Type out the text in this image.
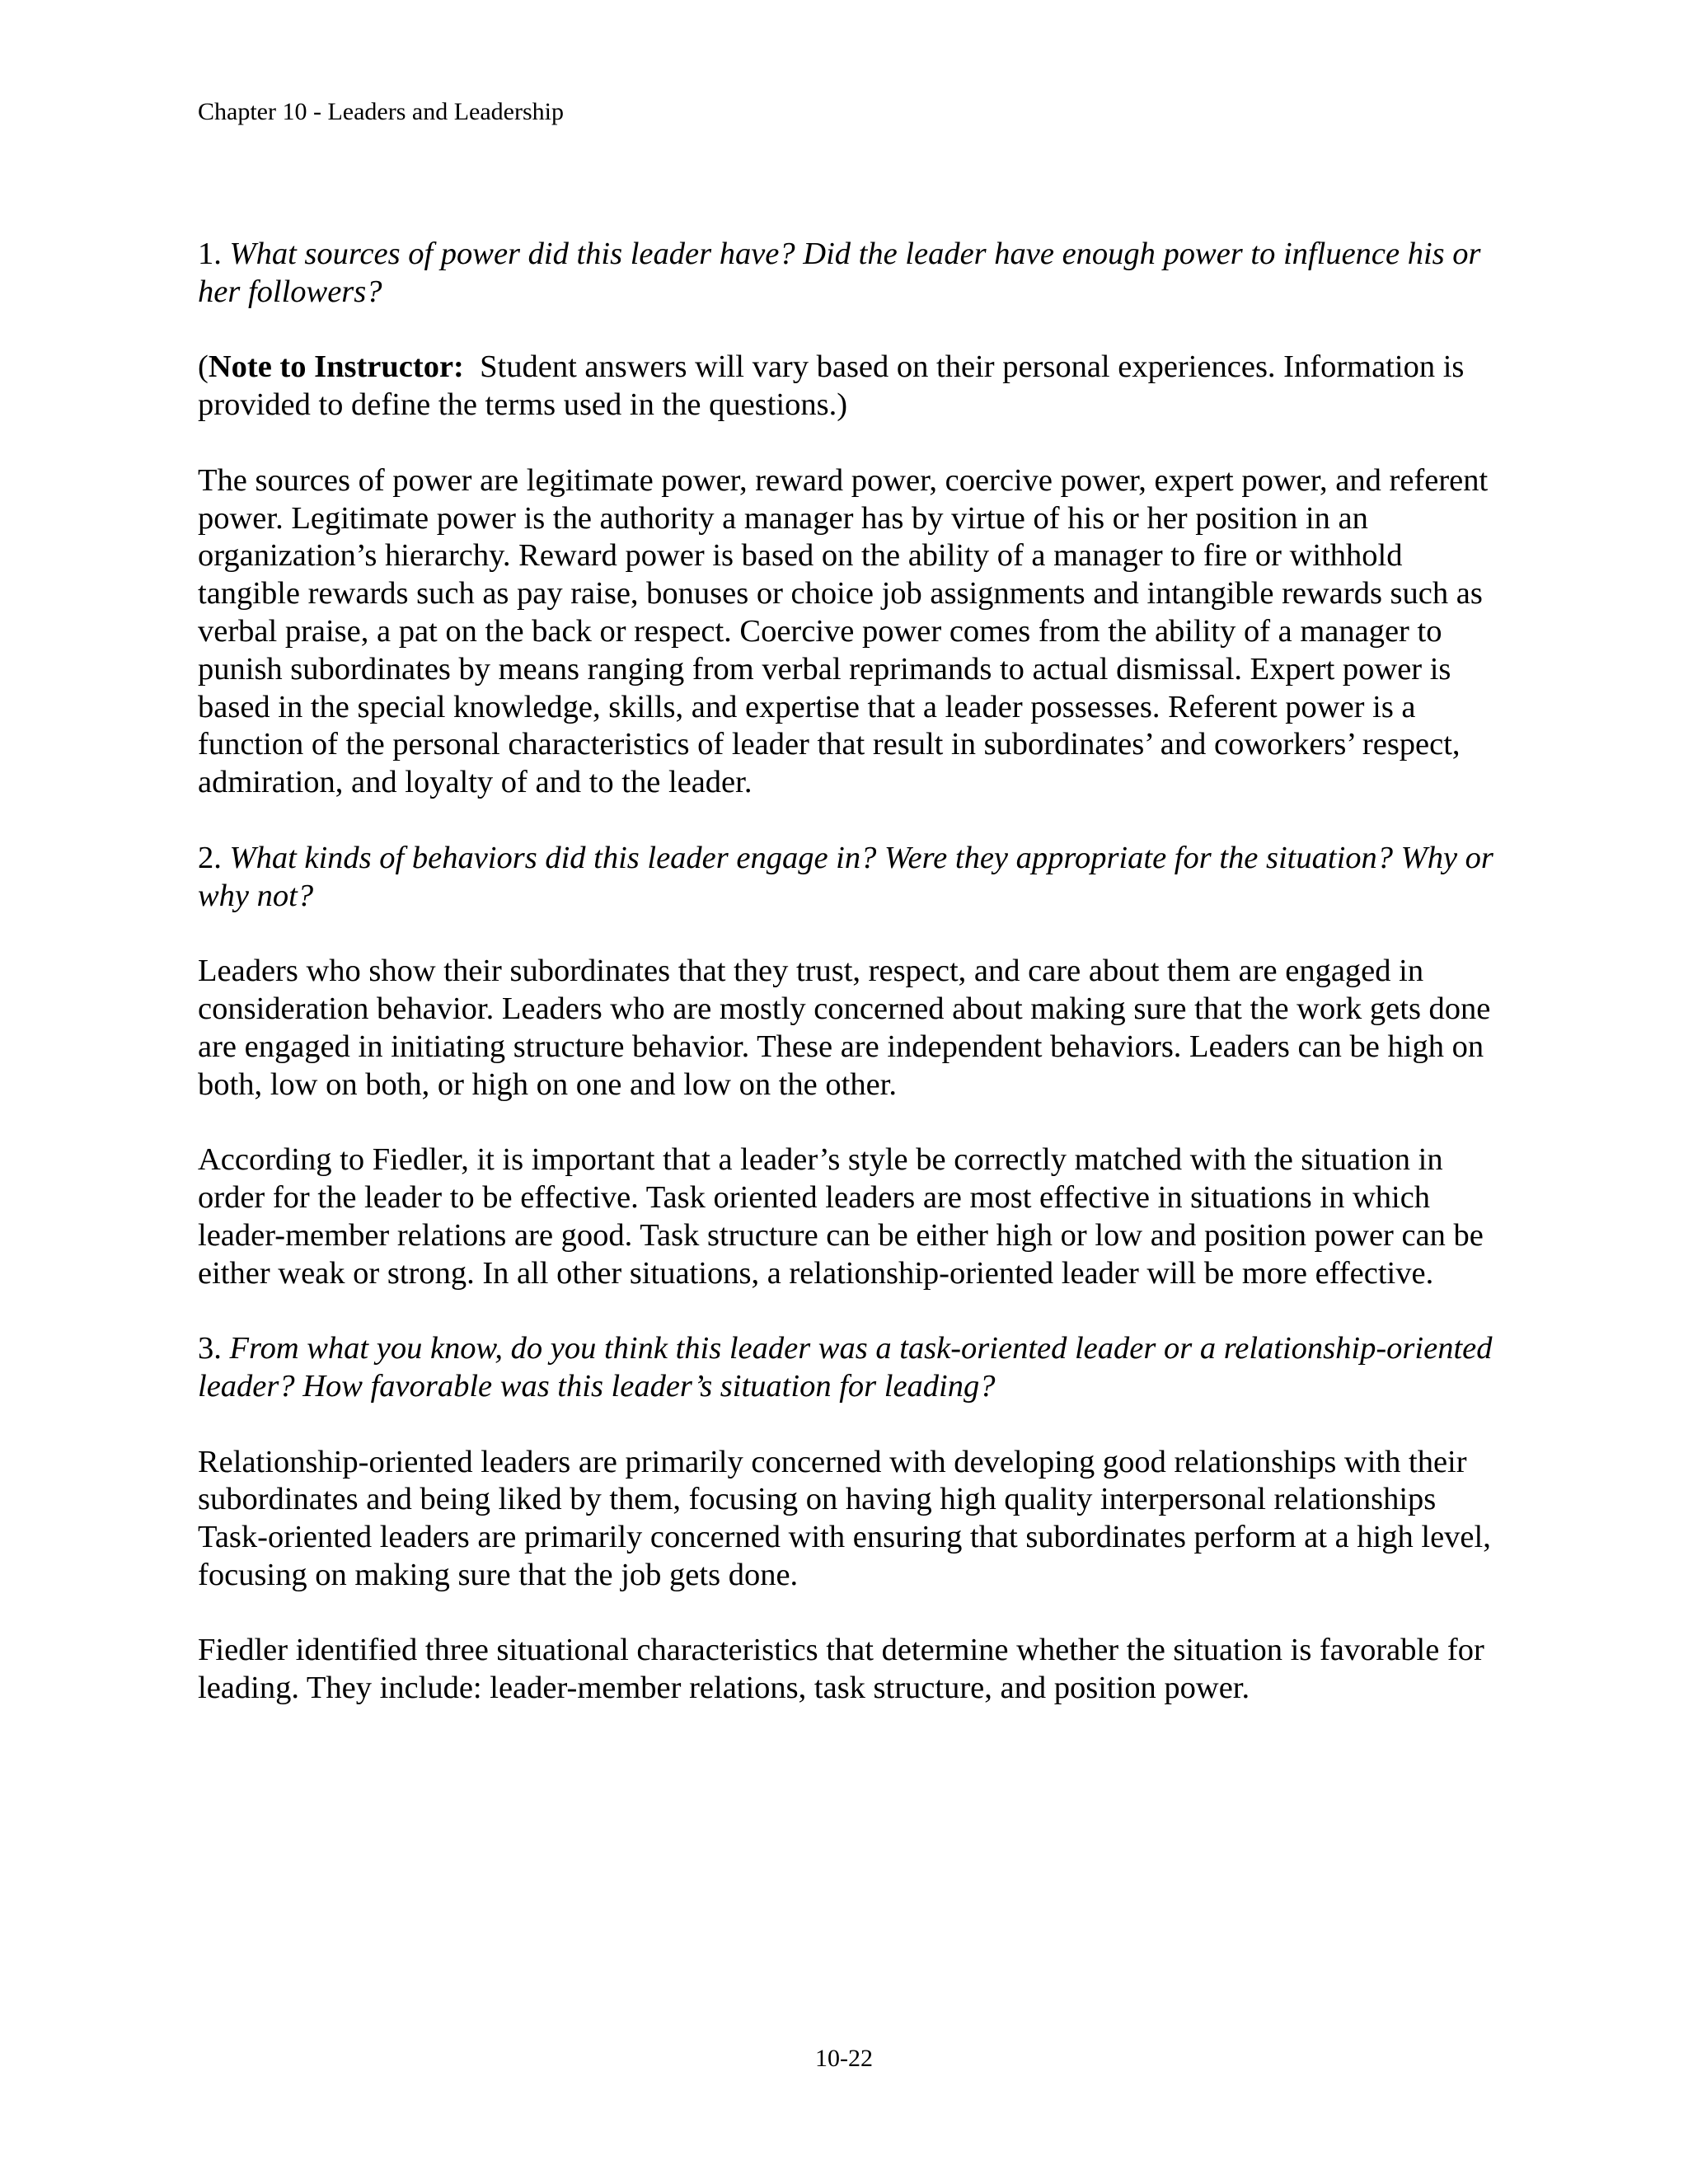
Chapter 10 - Leaders and Leadership

1. What sources of power did this leader have? Did the leader have enough power to influence his or her followers?

(Note to Instructor:  Student answers will vary based on their personal experiences. Information is provided to define the terms used in the questions.)

The sources of power are legitimate power, reward power, coercive power, expert power, and referent power. Legitimate power is the authority a manager has by virtue of his or her position in an organization’s hierarchy. Reward power is based on the ability of a manager to fire or withhold tangible rewards such as pay raise, bonuses or choice job assignments and intangible rewards such as verbal praise, a pat on the back or respect. Coercive power comes from the ability of a manager to punish subordinates by means ranging from verbal reprimands to actual dismissal. Expert power is based in the special knowledge, skills, and expertise that a leader possesses. Referent power is a function of the personal characteristics of leader that result in subordinates’ and coworkers’ respect, admiration, and loyalty of and to the leader.

2. What kinds of behaviors did this leader engage in? Were they appropriate for the situation? Why or why not?

Leaders who show their subordinates that they trust, respect, and care about them are engaged in consideration behavior. Leaders who are mostly concerned about making sure that the work gets done are engaged in initiating structure behavior. These are independent behaviors. Leaders can be high on both, low on both, or high on one and low on the other.

According to Fiedler, it is important that a leader’s style be correctly matched with the situation in order for the leader to be effective. Task oriented leaders are most effective in situations in which leader-member relations are good. Task structure can be either high or low and position power can be either weak or strong. In all other situations, a relationship-oriented leader will be more effective.

3. From what you know, do you think this leader was a task-oriented leader or a relationship-oriented leader? How favorable was this leader’s situation for leading?

Relationship-oriented leaders are primarily concerned with developing good relationships with their subordinates and being liked by them, focusing on having high quality interpersonal relationships Task-oriented leaders are primarily concerned with ensuring that subordinates perform at a high level, focusing on making sure that the job gets done.

Fiedler identified three situational characteristics that determine whether the situation is favorable for leading. They include: leader-member relations, task structure, and position power.

10-22
